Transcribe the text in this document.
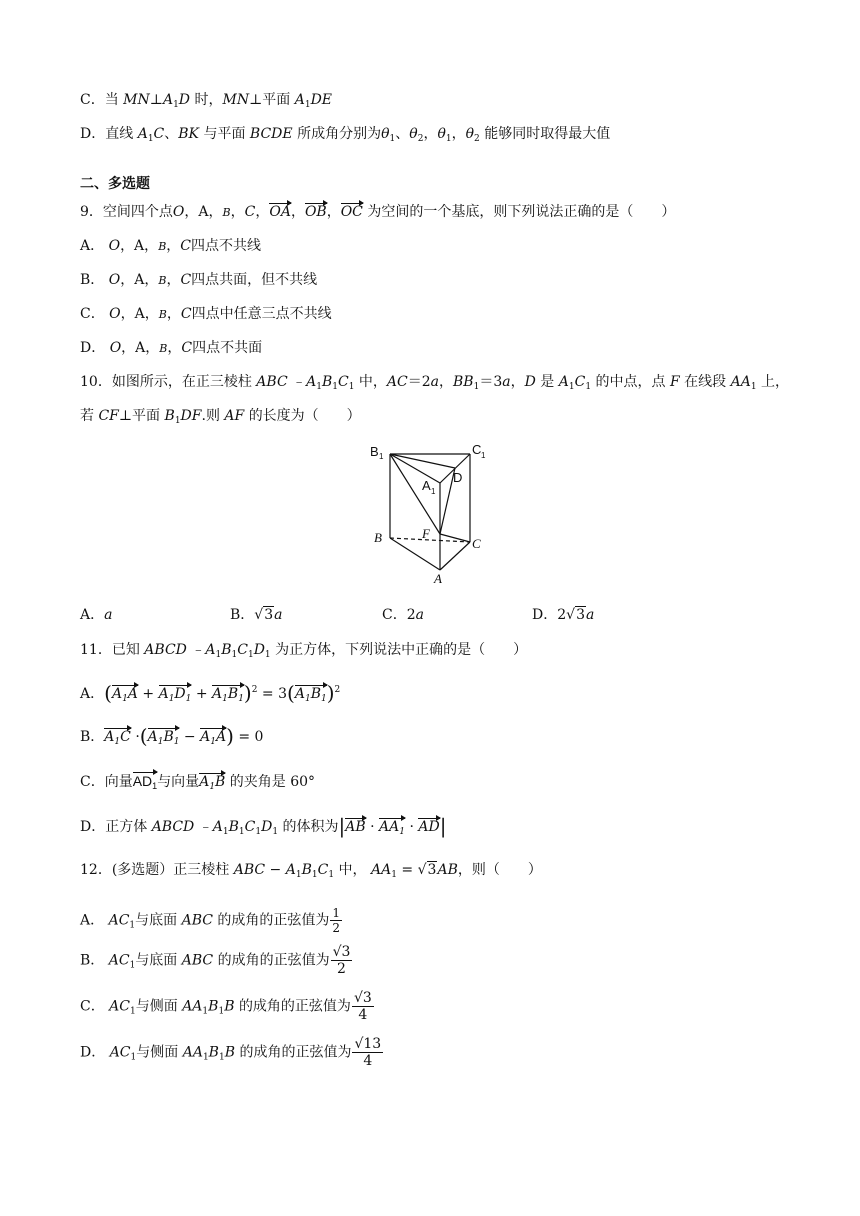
C．当 $MN\perp A_1D$ 时，MN⊥平面 $A_1DE$
D．直线 $A_1C$、BK 与平面 BCDE 所成角分别为$\theta_1$、$\theta_2$，$\theta_1$，$\theta_2$ 能够同时取得最大值
二、多选题
9．空间四个点O，A，B，C，OA，OB，OC 为空间的一个基底，则下列说法正确的是（　　）
A． O，A，B，C四点不共线
B． O，A，B，C四点共面，但不共线
C． O，A，B，C四点中任意三点不共线
D． O，A，B，C四点不共面
10．如图所示，在正三棱柱 ABC $﹣A_1B_1C_1$ 中，AC＝2a，$BB_1=3a$，D 是 $A_1C_1$ 的中点，点 F 在线段 $AA_1$ 上，
若 CF⊥平面 $B_1DF$.则 AF 的长度为（　　）
B 1	C 1
A 1
D
B	F
C
A
A．a	B．√3a	C．2a	D．2√3a
11．已知 ABCD $﹣A_1B_1C_1D_1$ 为正方体，下列说法中正确的是（　　）
A．$(A_1A + A_1D_1 + A_1B_1)^2 = 3(A_1B_1)^2$
B．$A_1C \cdot(A_1B_1 - A_1A) = 0$
C．向量$AD_1$与向量$A_1B$ 的夹角是 60°
D．正方体 ABCD $﹣A_1B_1C_1D_1$ 的体积为$|AB \cdot AA_1 \cdot AD|$
12．(多选题）正三棱柱 ABC − $A_1B_1C_1$ 中， $AA_1 = √3AB$，则（　　）
A． $AC_1$与底面 ABC 的成角的正弦值为 $\frac{1}{2}$
B． $AC_1$与底面 ABC 的成角的正弦值为 $\frac{√3}{2}$
C． $AC_1$与侧面 $AA_1B_1B$ 的成角的正弦值为 $\frac{√3}{4}$
D． $AC_1$与侧面 $AA_1B_1B$ 的成角的正弦值为 $\frac{√13}{4}$
